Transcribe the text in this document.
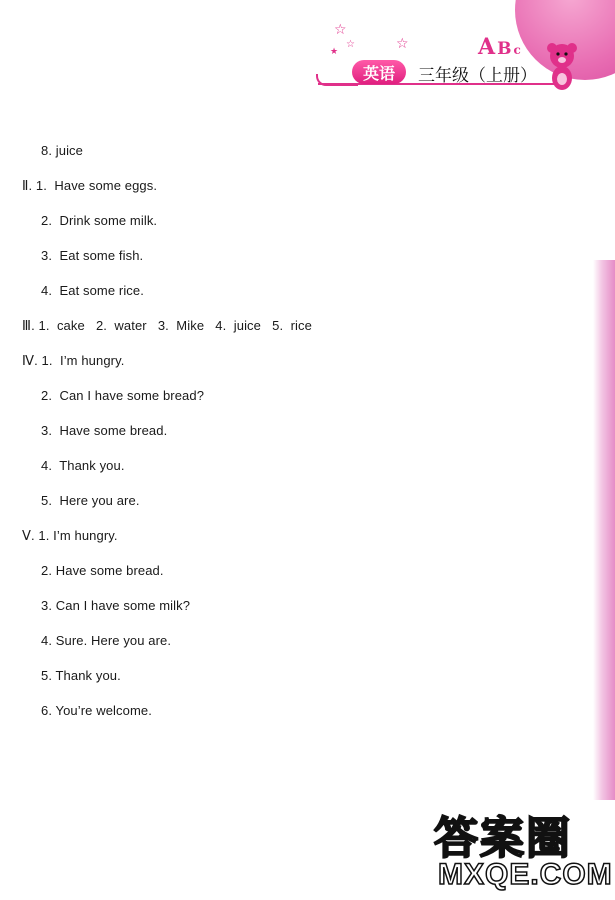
☆
☆	☆
★	A B c
英语	三年级（上册）
8. juice
Ⅱ. 1.  Have some eggs.
2.  Drink some milk.
3.  Eat some fish.
4.  Eat some rice.
Ⅲ. 1.  cake   2.  water   3.  Mike   4.  juice   5.  rice
Ⅳ. 1.  I’m hungry.
2.  Can I have some bread?
3.  Have some bread.
4.  Thank you.
5.  Here you are.
Ⅴ. 1. I’m hungry.
2. Have some bread.
3. Can I have some milk?
4. Sure. Here you are.
5. Thank you.
6. You’re welcome.
答案圈
MXQE.COM
